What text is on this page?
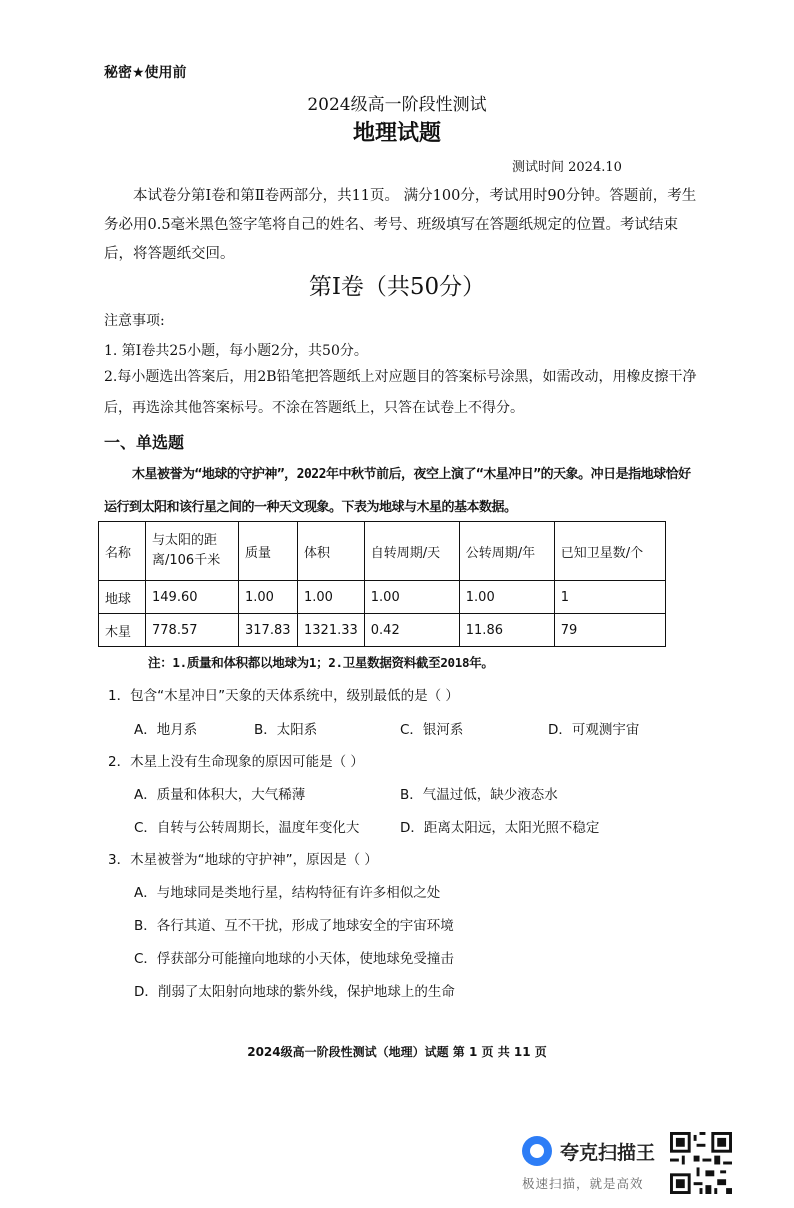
秘密★使用前
2024级高一阶段性测试
地理试题
测试时间 2024.10
本试卷分第Ⅰ卷和第Ⅱ卷两部分，共11页。 满分100分，考试用时90分钟。答题前，考生务必用0.5毫米黑色签字笔将自己的姓名、考号、班级填写在答题纸规定的位置。考试结束后，将答题纸交回。
第Ⅰ卷（共50分）
注意事项:
1. 第Ⅰ卷共25小题，每小题2分，共50分。
2.每小题选出答案后，用2B铅笔把答题纸上对应题目的答案标号涂黑，如需改动，用橡皮擦干净后，再选涂其他答案标号。不涂在答题纸上，只答在试卷上不得分。
一、单选题
木星被誉为“地球的守护神”，2022年中秋节前后，夜空上演了“木星冲日”的天象。冲日是指地球恰好运行到太阳和该行星之间的一种天文现象。下表为地球与木星的基本数据。
名称	与太阳的距离/106千米	质量	体积	自转周期/天	公转周期/年	已知卫星数/个
地球	149.60	1.00	1.00	1.00	1.00	1
木星	778.57	317.83	1321.33	0.42	11.86	79
注：1.质量和体积都以地球为1；2.卫星数据资料截至2018年。
1．包含“木星冲日”天象的天体系统中，级别最低的是（ ）
A．地月系	B．太阳系	C．银河系	D．可观测宇宙
2．木星上没有生命现象的原因可能是（ ）
A．质量和体积大，大气稀薄	B．气温过低，缺少液态水
C．自转与公转周期长，温度年变化大	D．距离太阳远，太阳光照不稳定
3．木星被誉为“地球的守护神”，原因是（ ）
A．与地球同是类地行星，结构特征有许多相似之处
B．各行其道、互不干扰，形成了地球安全的宇宙环境
C．俘获部分可能撞向地球的小天体，使地球免受撞击
D．削弱了太阳射向地球的紫外线，保护地球上的生命
2024级高一阶段性测试（地理）试题 第 1 页 共 11 页
夸克扫描王
极速扫描，就是高效
